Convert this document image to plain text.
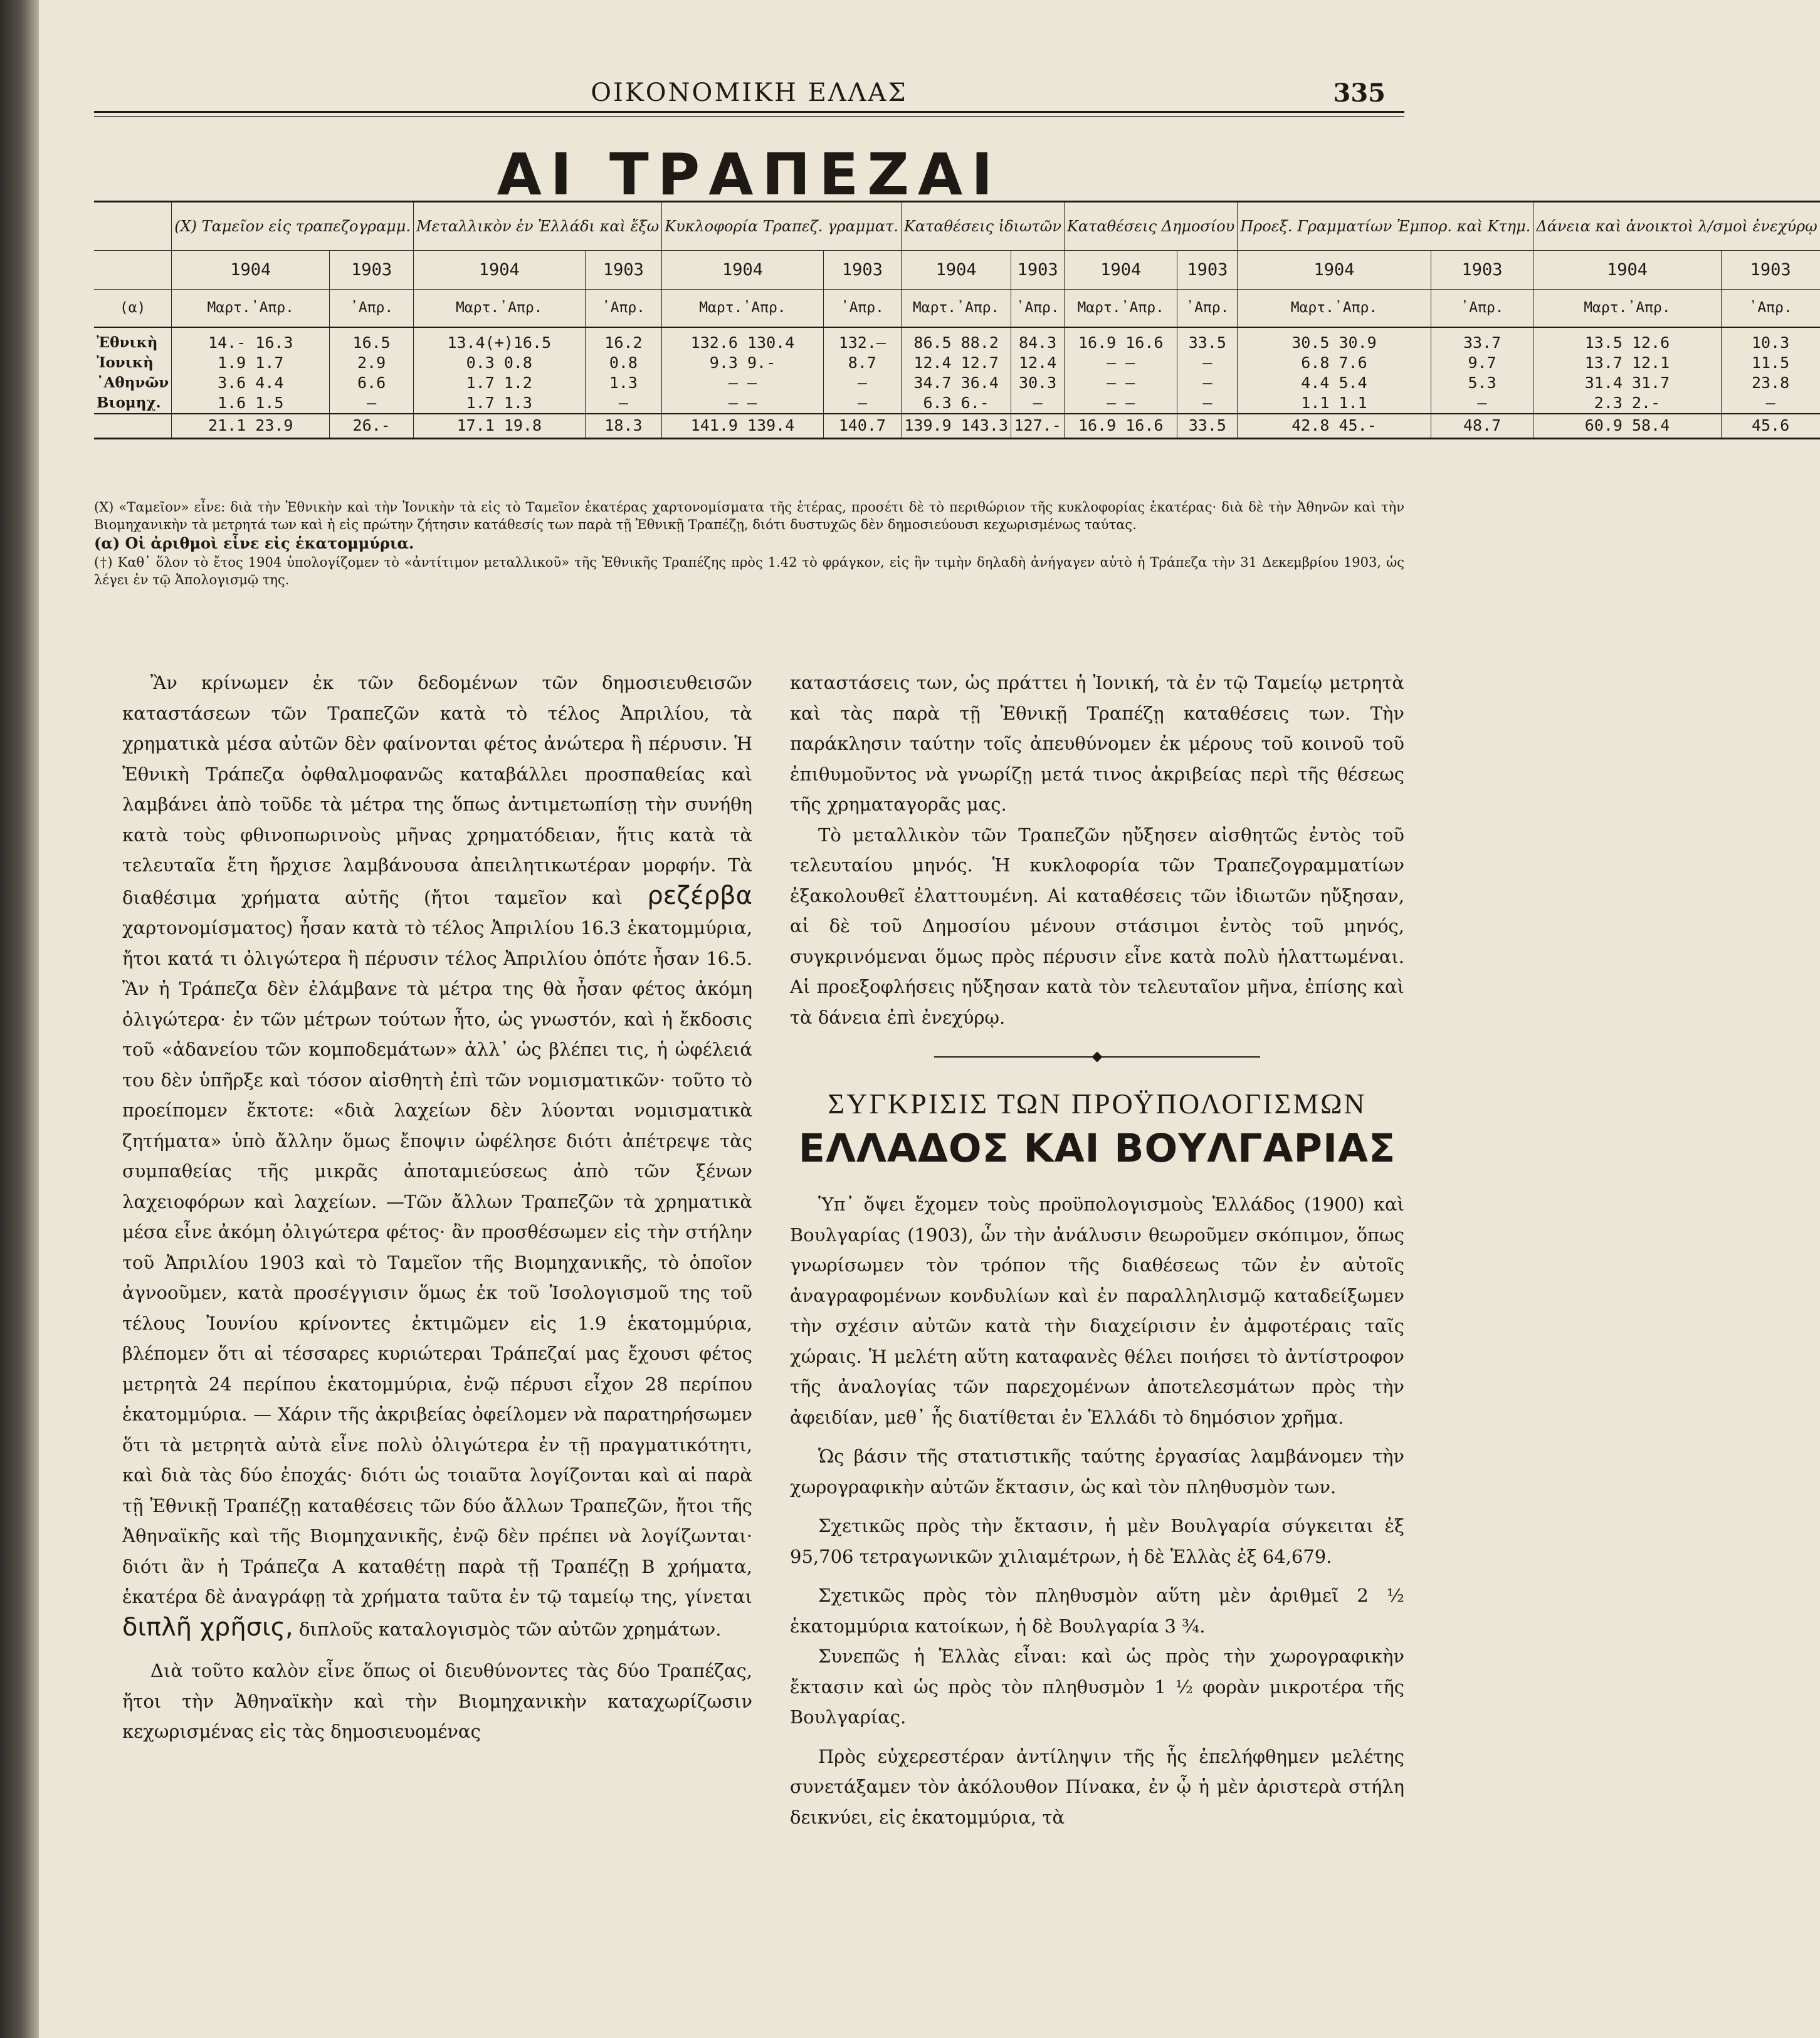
ΟΙΚΟΝΟΜΙΚΗ ΕΛΛΑΣ	335
ΑΙ ΤΡΑΠΕΖΑΙ
	(Χ) Ταμεῖον εἰς τραπεζογραμμ.		Μεταλλικὸν ἐν Ἑλλάδι καὶ ἔξω		Κυκλοφορία Τραπεζ. γραμματ.		Καταθέσεις ἰδιωτῶν		Καταθέσεις Δημοσίου		Προεξ. Γραμματίων Ἐμπορ. καὶ Κτημ.		Δάνεια καὶ ἀνοικτοὶ λ/σμοὶ ἐνεχύρῳ	
	1904	1903	1904	1903	1904	1903	1904	1903	1904	1903	1904	1903	1904	1903
(α)	Μαρτ.᾿Απρ.	᾿Απρ.	Μαρτ.᾿Απρ.	᾿Απρ.	Μαρτ.᾿Απρ.	᾿Απρ.	Μαρτ.᾿Απρ.	᾿Απρ.	Μαρτ.᾿Απρ.	᾿Απρ.	Μαρτ.᾿Απρ.	᾿Απρ.	Μαρτ.᾿Απρ.	᾿Απρ.
Ἐθνικὴ	14.- 16.3	16.5	13.4(+)16.5	16.2	132.6 130.4	132.—	86.5 88.2	84.3	16.9 16.6	33.5	30.5 30.9	33.7	13.5 12.6	10.3
Ἰονικὴ	1.9 1.7	2.9	0.3 0.8	0.8	9.3 9.-	8.7	12.4 12.7	12.4	— —	—	6.8 7.6	9.7	13.7 12.1	11.5
᾿Αθηνῶν	3.6 4.4	6.6	1.7 1.2	1.3	— —	—	34.7 36.4	30.3	— —	—	4.4 5.4	5.3	31.4 31.7	23.8
Βιομηχ.	1.6 1.5	—	1.7 1.3	—	— —	—	6.3 6.-	—	— —	—	1.1 1.1	—	2.3 2.-	—
	21.1 23.9	26.-	17.1 19.8	18.3	141.9 139.4	140.7	139.9 143.3	127.-	16.9 16.6	33.5	42.8 45.-	48.7	60.9 58.4	45.6

(Χ) «Ταμεῖον» εἶνε: διὰ τὴν Ἐθνικὴν καὶ τὴν Ἰονικὴν τὰ εἰς τὸ Ταμεῖον ἑκατέρας χαρτονομίσματα τῆς ἑτέρας, προσέτι δὲ τὸ περιθώριον τῆς κυκλοφορίας ἑκατέρας· διὰ δὲ τὴν Ἀθηνῶν καὶ τὴν Βιομηχανικὴν τὰ μετρητά των καὶ ἡ εἰς πρώτην ζήτησιν κατάθεσίς των παρὰ τῇ Ἐθνικῇ Τραπέζῃ, διότι δυστυχῶς δὲν δημοσιεύουσι κεχωρισμένως ταύτας.

(α) Οἱ ἀριθμοὶ εἶνε εἰς ἑκατομμύρια.

(†) Καθ᾿ ὅλον τὸ ἔτος 1904 ὑπολογίζομεν τὸ «ἀντίτιμον μεταλλικοῦ» τῆς Ἐθνικῆς Τραπέζης πρὸς 1.42 τὸ φράγκον, εἰς ἣν τιμὴν δηλαδὴ ἀνήγαγεν αὐτὸ ἡ Τράπεζα τὴν 31 Δεκεμβρίου 1903, ὡς λέγει ἐν τῷ Ἀπολογισμῷ της.

Ἂν κρίνωμεν ἐκ τῶν δεδομένων τῶν δημοσιευθεισῶν καταστάσεων τῶν Τραπεζῶν κατὰ τὸ τέλος Ἀπριλίου, τὰ χρηματικὰ μέσα αὐτῶν δὲν φαίνονται φέτος ἀνώτερα ἢ πέρυσιν. Ἡ Ἐθνικὴ Τράπεζα ὀφθαλμοφανῶς καταβάλλει προσπαθείας καὶ λαμβάνει ἀπὸ τοῦδε τὰ μέτρα της ὅπως ἀντιμετωπίσῃ τὴν συνήθη κατὰ τοὺς φθινοπωρινοὺς μῆνας χρηματόδειαν, ἥτις κατὰ τὰ τελευταῖα ἔτη ἤρχισε λαμβάνουσα ἀπειλητικωτέραν μορφήν. Τὰ διαθέσιμα χρήματα αὐτῆς (ἤτοι ταμεῖον καὶ ρεζέρβα χαρτονομίσματος) ἦσαν κατὰ τὸ τέλος Ἀπριλίου 16.3 ἑκατομμύρια, ἤτοι κατά τι ὀλιγώτερα ἢ πέρυσιν τέλος Ἀπριλίου ὁπότε ἦσαν 16.5. Ἂν ἡ Τράπεζα δὲν ἐλάμβανε τὰ μέτρα της θὰ ἦσαν φέτος ἀκόμη ὀλιγώτερα· ἐν τῶν μέτρων τούτων ἦτο, ὡς γνωστόν, καὶ ἡ ἔκδοσις τοῦ «ἀδανείου τῶν κομποδεμάτων» ἀλλ᾿ ὡς βλέπει τις, ἡ ὠφέλειά του δὲν ὑπῆρξε καὶ τόσον αἰσθητὴ ἐπὶ τῶν νομισματικῶν· τοῦτο τὸ προείπομεν ἔκτοτε: «διὰ λαχείων δὲν λύονται νομισματικὰ ζητήματα» ὑπὸ ἄλλην ὅμως ἔποψιν ὠφέλησε διότι ἀπέτρεψε τὰς συμπαθείας τῆς μικρᾶς ἀποταμιεύσεως ἀπὸ τῶν ξένων λαχειοφόρων καὶ λαχείων. —Τῶν ἄλλων Τραπεζῶν τὰ χρηματικὰ μέσα εἶνε ἀκόμη ὀλιγώτερα φέτος· ἂν προσθέσωμεν εἰς τὴν στήλην τοῦ Ἀπριλίου 1903 καὶ τὸ Ταμεῖον τῆς Βιομηχανικῆς, τὸ ὁποῖον ἀγνοοῦμεν, κατὰ προσέγγισιν ὅμως ἐκ τοῦ Ἰσολογισμοῦ της τοῦ τέλους Ἰουνίου κρίνοντες ἐκτιμῶμεν εἰς 1.9 ἑκατομμύρια, βλέπομεν ὅτι αἱ τέσσαρες κυριώτεραι Τράπεζαί μας ἔχουσι φέτος μετρητὰ 24 περίπου ἑκατομμύρια, ἐνῷ πέρυσι εἶχον 28 περίπου ἑκατομμύρια. — Χάριν τῆς ἀκριβείας ὀφείλομεν νὰ παρατηρήσωμεν ὅτι τὰ μετρητὰ αὐτὰ εἶνε πολὺ ὀλιγώτερα ἐν τῇ πραγματικότητι, καὶ διὰ τὰς δύο ἐποχάς· διότι ὡς τοιαῦτα λογίζονται καὶ αἱ παρὰ τῇ Ἐθνικῇ Τραπέζῃ καταθέσεις τῶν δύο ἄλλων Τραπεζῶν, ἤτοι τῆς Ἀθηναϊκῆς καὶ τῆς Βιομηχανικῆς, ἐνῷ δὲν πρέπει νὰ λογίζωνται· διότι ἂν ἡ Τράπεζα Α καταθέτῃ παρὰ τῇ Τραπέζῃ Β χρήματα, ἑκατέρα δὲ ἀναγράφῃ τὰ χρήματα ταῦτα ἐν τῷ ταμείῳ της, γίνεται διπλῆ χρῆσις, διπλοῦς καταλογισμὸς τῶν αὐτῶν χρημάτων.

Διὰ τοῦτο καλὸν εἶνε ὅπως οἱ διευθύνοντες τὰς δύο Τραπέζας, ἤτοι τὴν Ἀθηναϊκὴν καὶ τὴν Βιομηχανικὴν καταχωρίζωσιν κεχωρισμένας εἰς τὰς δημοσιευομένας

καταστάσεις των, ὡς πράττει ἡ Ἰονική, τὰ ἐν τῷ Ταμείῳ μετρητὰ καὶ τὰς παρὰ τῇ Ἐθνικῇ Τραπέζῃ καταθέσεις των. Τὴν παράκλησιν ταύτην τοῖς ἀπευθύνομεν ἐκ μέρους τοῦ κοινοῦ τοῦ ἐπιθυμοῦντος νὰ γνωρίζῃ μετά τινος ἀκριβείας περὶ τῆς θέσεως τῆς χρηματαγορᾶς μας.

Τὸ μεταλλικὸν τῶν Τραπεζῶν ηὔξησεν αἰσθητῶς ἐντὸς τοῦ τελευταίου μηνός. Ἡ κυκλοφορία τῶν Τραπεζογραμματίων ἐξακολουθεῖ ἐλαττουμένη. Αἱ καταθέσεις τῶν ἰδιωτῶν ηὔξησαν, αἱ δὲ τοῦ Δημοσίου μένουν στάσιμοι ἐντὸς τοῦ μηνός, συγκρινόμεναι ὅμως πρὸς πέρυσιν εἶνε κατὰ πολὺ ἠλαττωμέναι. Αἱ προεξοφλήσεις ηὔξησαν κατὰ τὸν τελευταῖον μῆνα, ἐπίσης καὶ τὰ δάνεια ἐπὶ ἐνεχύρῳ.

ΣΥΓΚΡΙΣΙΣ ΤΩΝ ΠΡΟΫΠΟΛΟΓΙΣΜΩΝ
ΕΛΛΑΔΟΣ ΚΑΙ ΒΟΥΛΓΑΡΙΑΣ

Ὑπ᾿ ὄψει ἔχομεν τοὺς προϋπολογισμοὺς Ἑλλάδος (1900) καὶ Βουλγαρίας (1903), ὧν τὴν ἀνάλυσιν θεωροῦμεν σκόπιμον, ὅπως γνωρίσωμεν τὸν τρόπον τῆς διαθέσεως τῶν ἐν αὐτοῖς ἀναγραφομένων κονδυλίων καὶ ἐν παραλληλισμῷ καταδείξωμεν τὴν σχέσιν αὐτῶν κατὰ τὴν διαχείρισιν ἐν ἀμφοτέραις ταῖς χώραις. Ἡ μελέτη αὕτη καταφανὲς θέλει ποιήσει τὸ ἀντίστροφον τῆς ἀναλογίας τῶν παρεχομένων ἀποτελεσμάτων πρὸς τὴν ἀφειδίαν, μεθ᾿ ἧς διατίθεται ἐν Ἑλλάδι τὸ δημόσιον χρῆμα.

Ὡς βάσιν τῆς στατιστικῆς ταύτης ἐργασίας λαμβάνομεν τὴν χωρογραφικὴν αὐτῶν ἔκτασιν, ὡς καὶ τὸν πληθυσμὸν των.

Σχετικῶς πρὸς τὴν ἔκτασιν, ἡ μὲν Βουλγαρία σύγκειται ἐξ 95,706 τετραγωνικῶν χιλιαμέτρων, ἡ δὲ Ἑλλὰς ἐξ 64,679.

Σχετικῶς πρὸς τὸν πληθυσμὸν αὕτη μὲν ἀριθμεῖ 2 ½ ἑκατομμύρια κατοίκων, ἡ δὲ Βουλγαρία 3 ¾.

Συνεπῶς ἡ Ἑλλὰς εἶναι: καὶ ὡς πρὸς τὴν χωρογραφικὴν ἔκτασιν καὶ ὡς πρὸς τὸν πληθυσμὸν 1 ½ φορὰν μικροτέρα τῆς Βουλγαρίας.

Πρὸς εὐχερεστέραν ἀντίληψιν τῆς ἧς ἐπελήφθημεν μελέτης συνετάξαμεν τὸν ἀκόλουθον Πίνακα, ἐν ᾧ ἡ μὲν ἀριστερὰ στήλη δεικνύει, εἰς ἑκατομμύρια, τὰ
